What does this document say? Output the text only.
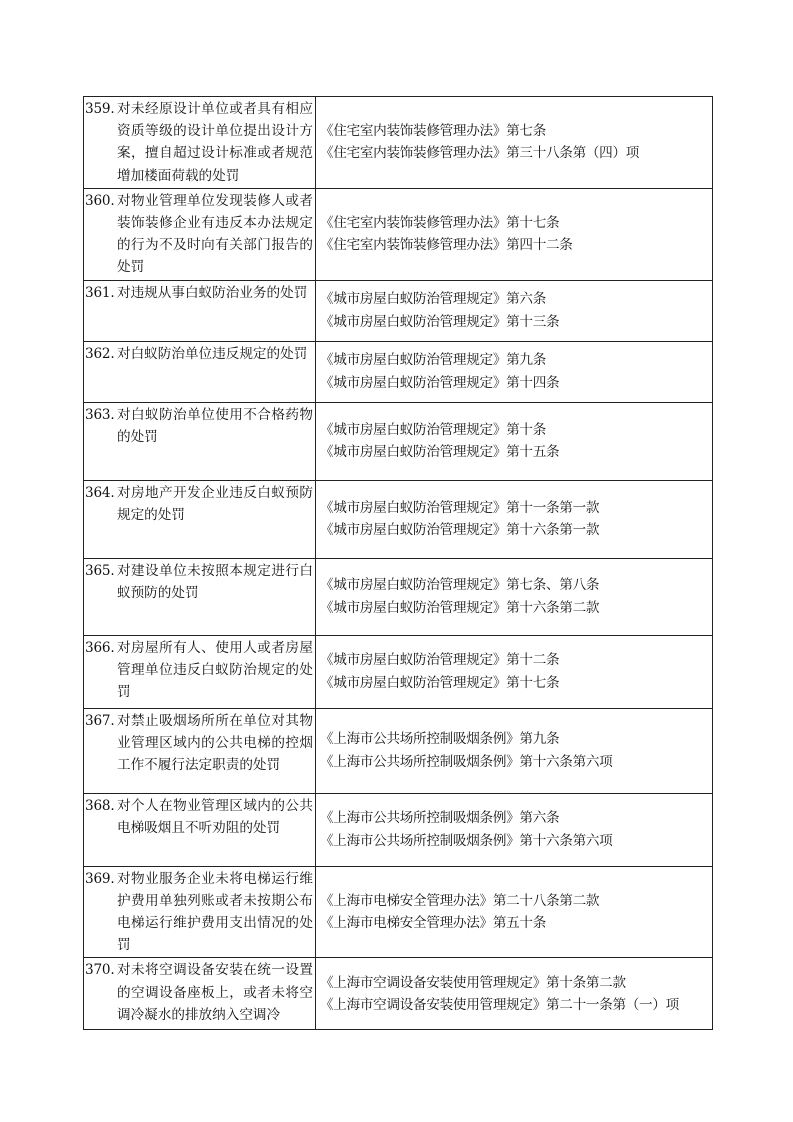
359. 对未经原设计单位或者具有相应资质等级的设计单位提出设计方案，擅自超过设计标准或者规范增加楼面荷载的处罚	《住宅室内装饰装修管理办法》第七条
《住宅室内装饰装修管理办法》第三十八条第（四）项

360. 对物业管理单位发现装修人或者装饰装修企业有违反本办法规定的行为不及时向有关部门报告的处罚	《住宅室内装饰装修管理办法》第十七条
《住宅室内装饰装修管理办法》第四十二条

361. 对违规从事白蚁防治业务的处罚	《城市房屋白蚁防治管理规定》第六条
《城市房屋白蚁防治管理规定》第十三条

362. 对白蚁防治单位违反规定的处罚	《城市房屋白蚁防治管理规定》第九条
《城市房屋白蚁防治管理规定》第十四条

363. 对白蚁防治单位使用不合格药物的处罚	《城市房屋白蚁防治管理规定》第十条
《城市房屋白蚁防治管理规定》第十五条

364. 对房地产开发企业违反白蚁预防规定的处罚	《城市房屋白蚁防治管理规定》第十一条第一款
《城市房屋白蚁防治管理规定》第十六条第一款

365. 对建设单位未按照本规定进行白蚁预防的处罚	《城市房屋白蚁防治管理规定》第七条、第八条
《城市房屋白蚁防治管理规定》第十六条第二款

366. 对房屋所有人、使用人或者房屋管理单位违反白蚁防治规定的处罚	《城市房屋白蚁防治管理规定》第十二条
《城市房屋白蚁防治管理规定》第十七条

367. 对禁止吸烟场所所在单位对其物业管理区域内的公共电梯的控烟工作不履行法定职责的处罚	《上海市公共场所控制吸烟条例》第九条
《上海市公共场所控制吸烟条例》第十六条第六项

368. 对个人在物业管理区域内的公共电梯吸烟且不听劝阻的处罚	《上海市公共场所控制吸烟条例》第六条
《上海市公共场所控制吸烟条例》第十六条第六项

369. 对物业服务企业未将电梯运行维护费用单独列账或者未按期公布电梯运行维护费用支出情况的处罚	《上海市电梯安全管理办法》第二十八条第二款
《上海市电梯安全管理办法》第五十条

370. 对未将空调设备安装在统一设置的空调设备座板上，或者未将空调冷凝水的排放纳入空调冷	《上海市空调设备安装使用管理规定》第十条第二款
《上海市空调设备安装使用管理规定》第二十一条第（一）项
